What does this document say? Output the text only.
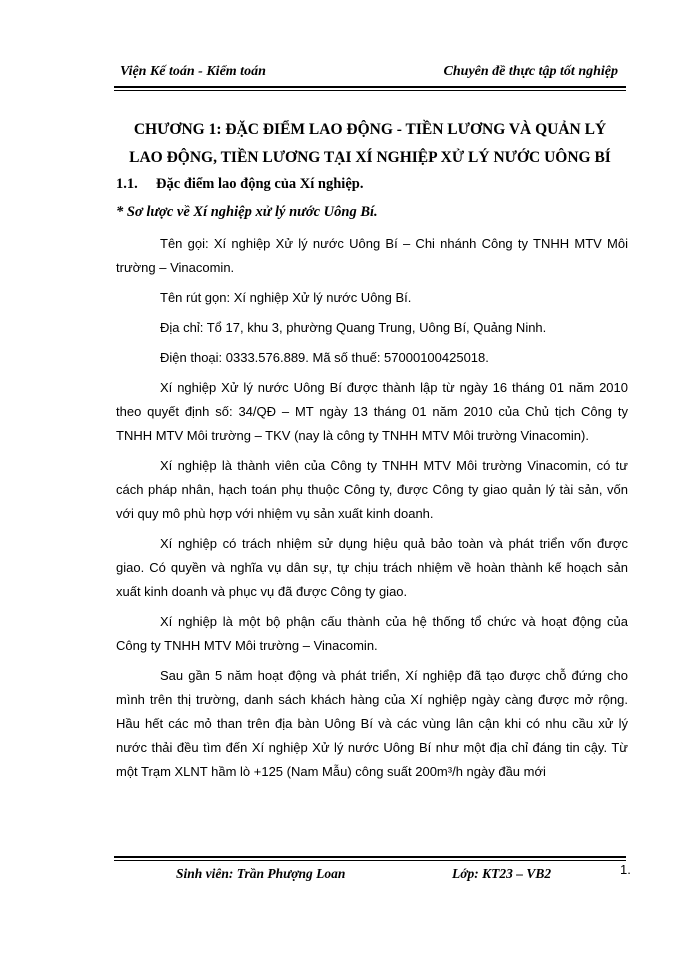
Viện Kế toán - Kiểm toán	Chuyên đề thực tập tốt nghiệp
CHƯƠNG 1: ĐẶC ĐIỂM LAO ĐỘNG - TIỀN LƯƠNG VÀ QUẢN LÝ
LAO ĐỘNG, TIỀN LƯƠNG TẠI XÍ NGHIỆP XỬ LÝ NƯỚC UÔNG BÍ
1.1. Đặc điểm lao động của Xí nghiệp.
* Sơ lược về Xí nghiệp xử lý nước Uông Bí.

Tên gọi: Xí nghiệp Xử lý nước Uông Bí – Chi nhánh Công ty TNHH MTV Môi trường – Vinacomin.

Tên rút gọn: Xí nghiệp Xử lý nước Uông Bí.

Địa chỉ: Tổ 17, khu 3, phường Quang Trung, Uông Bí, Quảng Ninh.

Điện thoại: 0333.576.889. Mã số thuế: 57000100425018.

Xí nghiệp Xử lý nước Uông Bí được thành lập từ ngày 16 tháng 01 năm 2010 theo quyết định số: 34/QĐ – MT ngày 13 tháng 01 năm 2010 của Chủ tịch Công ty TNHH MTV Môi trường – TKV (nay là công ty TNHH MTV Môi trường Vinacomin).

Xí nghiệp là thành viên của Công ty TNHH MTV Môi trường Vinacomin, có tư cách pháp nhân, hạch toán phụ thuộc Công ty, được Công ty giao quản lý tài sản, vốn với quy mô phù hợp với nhiệm vụ sản xuất kinh doanh.

Xí nghiệp có trách nhiệm sử dụng hiệu quả bảo toàn và phát triển vốn được giao. Có quyền và nghĩa vụ dân sự, tự chịu trách nhiệm về hoàn thành kế hoạch sản xuất kinh doanh và phục vụ đã được Công ty giao.

Xí nghiệp là một bộ phận cấu thành của hệ thống tổ chức và hoạt động của Công ty TNHH MTV Môi trường – Vinacomin.

Sau gần 5 năm hoạt động và phát triển, Xí nghiệp đã tạo được chỗ đứng cho mình trên thị trường, danh sách khách hàng của Xí nghiệp ngày càng được mở rộng. Hầu hết các mỏ than trên địa bàn Uông Bí và các vùng lân cận khi có nhu cầu xử lý nước thải đều tìm đến Xí nghiệp Xử lý nước Uông Bí như một địa chỉ đáng tin cậy. Từ một Trạm XLNT hầm lò +125 (Nam Mẫu) công suất 200m³/h ngày đầu mới

Sinh viên: Trần Phượng Loan	Lớp: KT23 – VB2	1.
